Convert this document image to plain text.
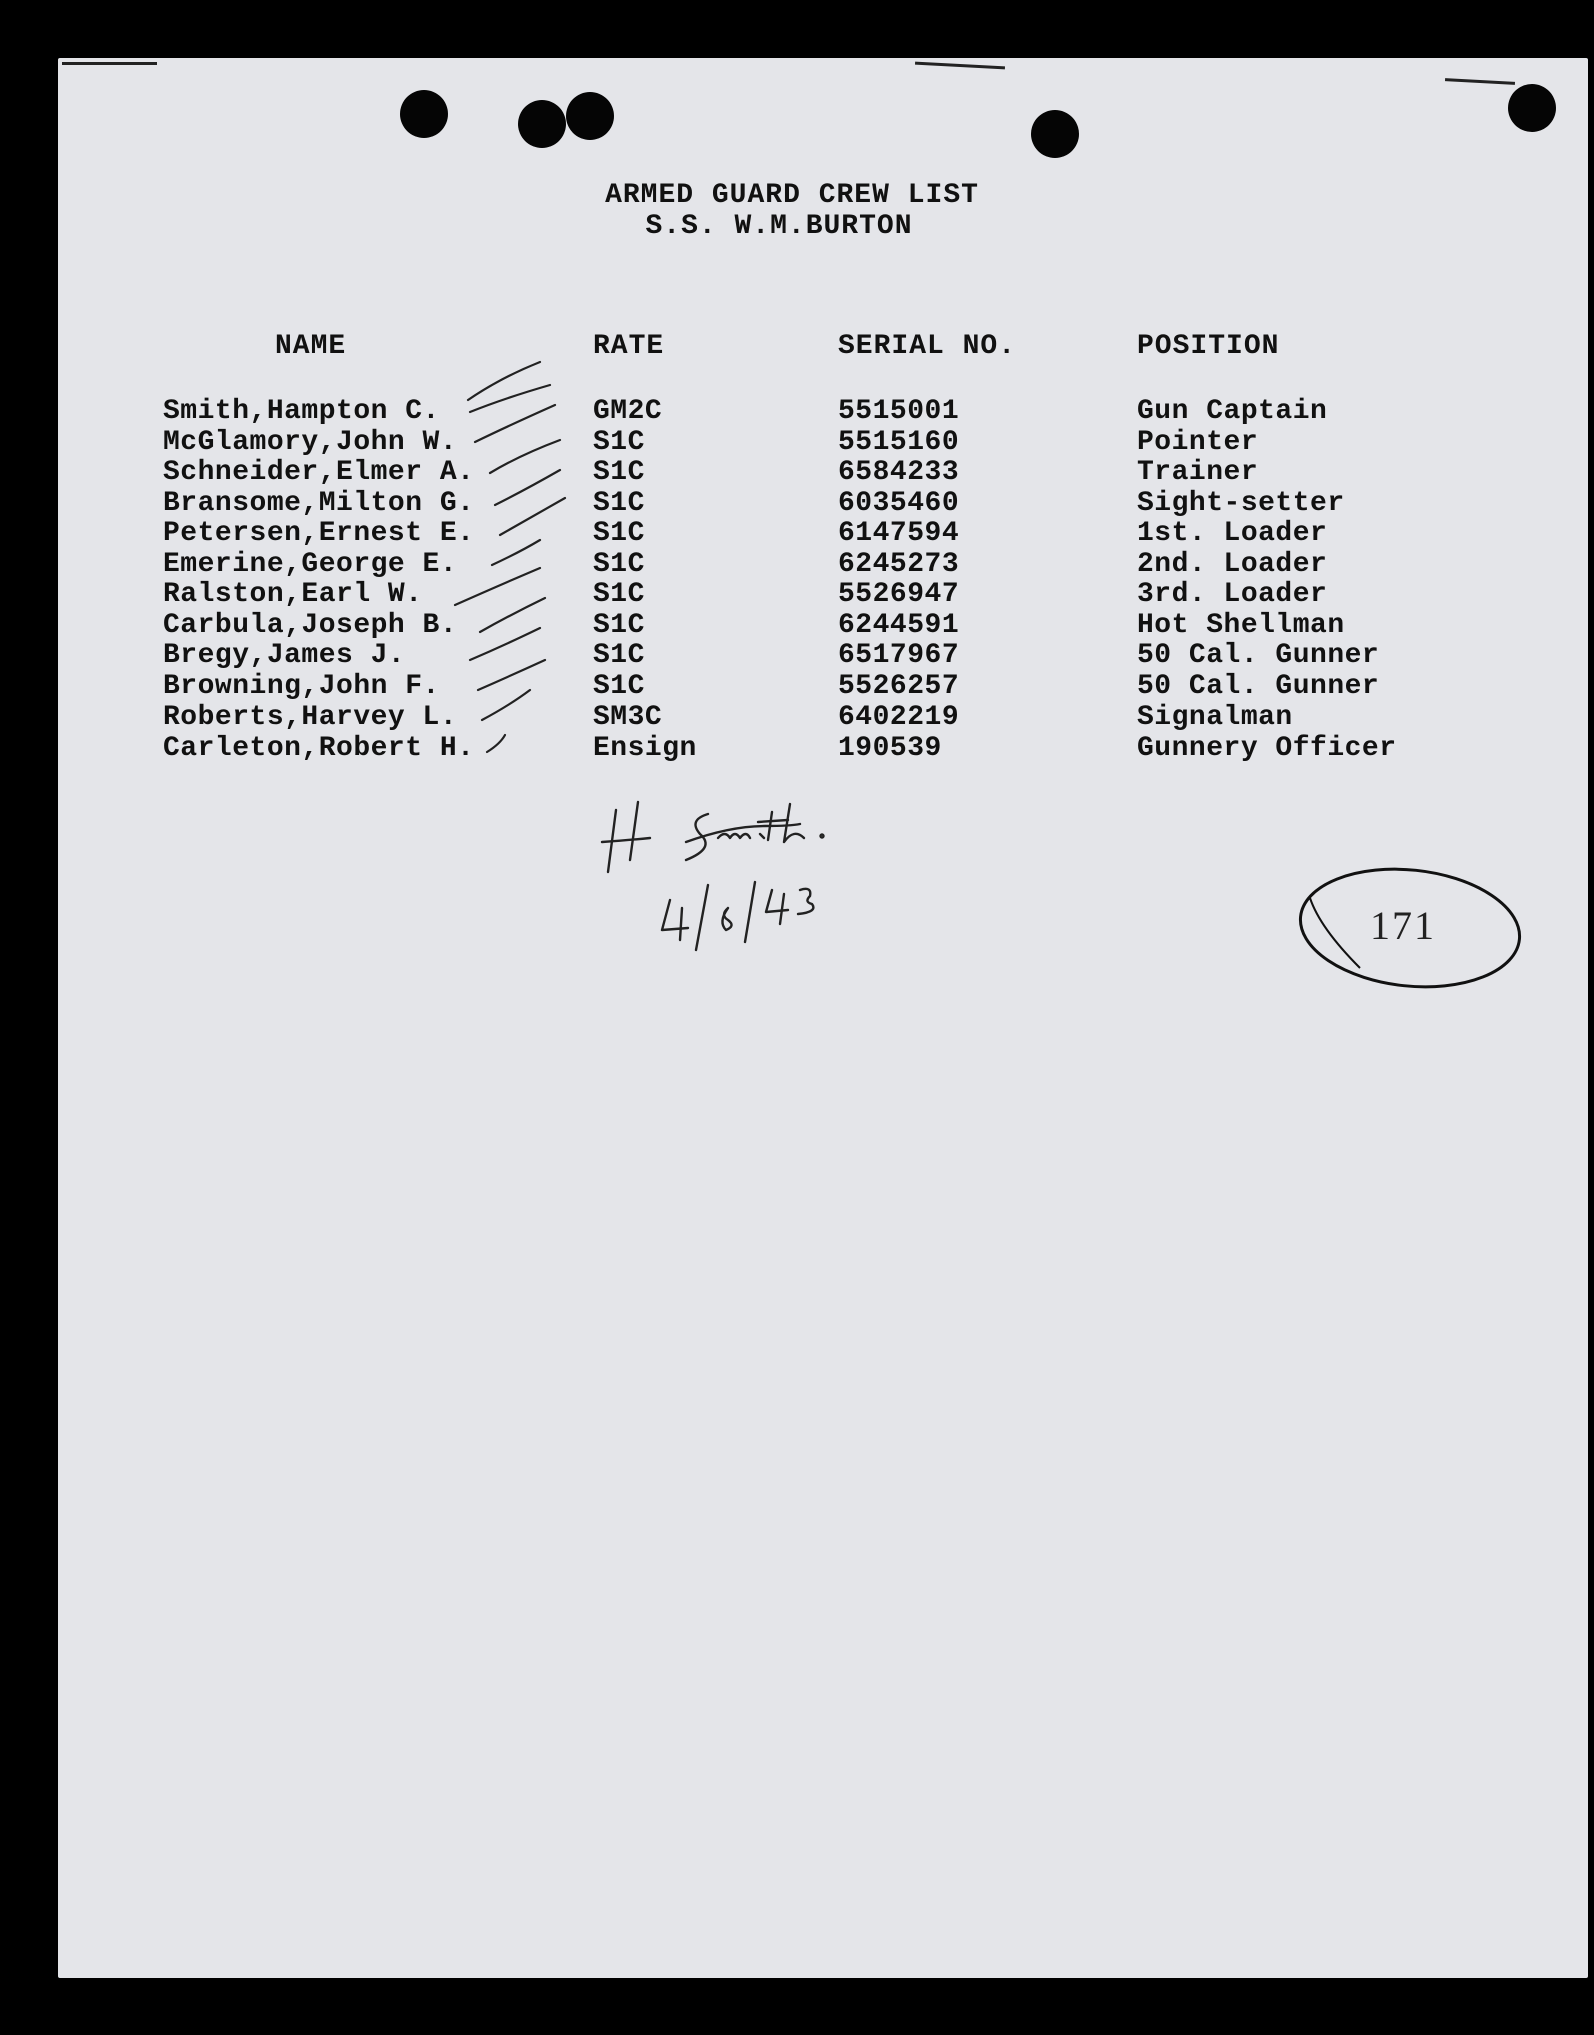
ARMED GUARD CREW LIST
S.S. W.M.BURTON
NAME	RATE	SERIAL NO.	POSITION
Smith,Hampton C.	GM2C	5515001	Gun Captain
McGlamory,John W.	S1C	5515160	Pointer
Schneider,Elmer A.	S1C	6584233	Trainer
Bransome,Milton G.	S1C	6035460	Sight-setter
Petersen,Ernest E.	S1C	6147594	1st. Loader
Emerine,George E.	S1C	6245273	2nd. Loader
Ralston,Earl W.	S1C	5526947	3rd. Loader
Carbula,Joseph B.	S1C	6244591	Hot Shellman
Bregy,James J.	S1C	6517967	50 Cal. Gunner
Browning,John F.	S1C	5526257	50 Cal. Gunner
Roberts,Harvey L.	SM3C	6402219	Signalman
Carleton,Robert H.	Ensign	190539	Gunnery Officer
171
